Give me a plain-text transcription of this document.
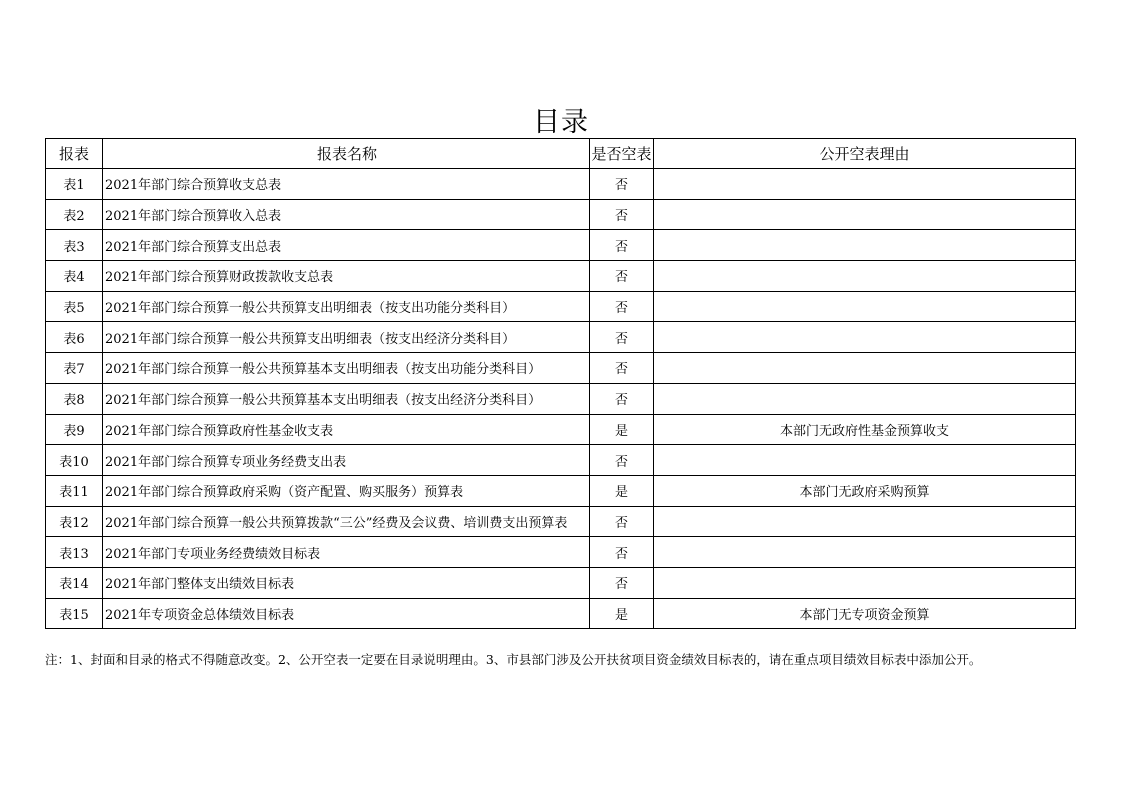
目录
报表	报表名称	是否空表	公开空表理由
表1	2021年部门综合预算收支总表	否	
表2	2021年部门综合预算收入总表	否	
表3	2021年部门综合预算支出总表	否	
表4	2021年部门综合预算财政拨款收支总表	否	
表5	2021年部门综合预算一般公共预算支出明细表（按支出功能分类科目）	否	
表6	2021年部门综合预算一般公共预算支出明细表（按支出经济分类科目）	否	
表7	2021年部门综合预算一般公共预算基本支出明细表（按支出功能分类科目）	否	
表8	2021年部门综合预算一般公共预算基本支出明细表（按支出经济分类科目）	否	
表9	2021年部门综合预算政府性基金收支表	是	本部门无政府性基金预算收支
表10	2021年部门综合预算专项业务经费支出表	否	
表11	2021年部门综合预算政府采购（资产配置、购买服务）预算表	是	本部门无政府采购预算
表12	2021年部门综合预算一般公共预算拨款“三公”经费及会议费、培训费支出预算表	否	
表13	2021年部门专项业务经费绩效目标表	否	
表14	2021年部门整体支出绩效目标表	否	
表15	2021年专项资金总体绩效目标表	是	本部门无专项资金预算
注：1、封面和目录的格式不得随意改变。2、公开空表一定要在目录说明理由。3、市县部门涉及公开扶贫项目资金绩效目标表的，请在重点项目绩效目标表中添加公开。
